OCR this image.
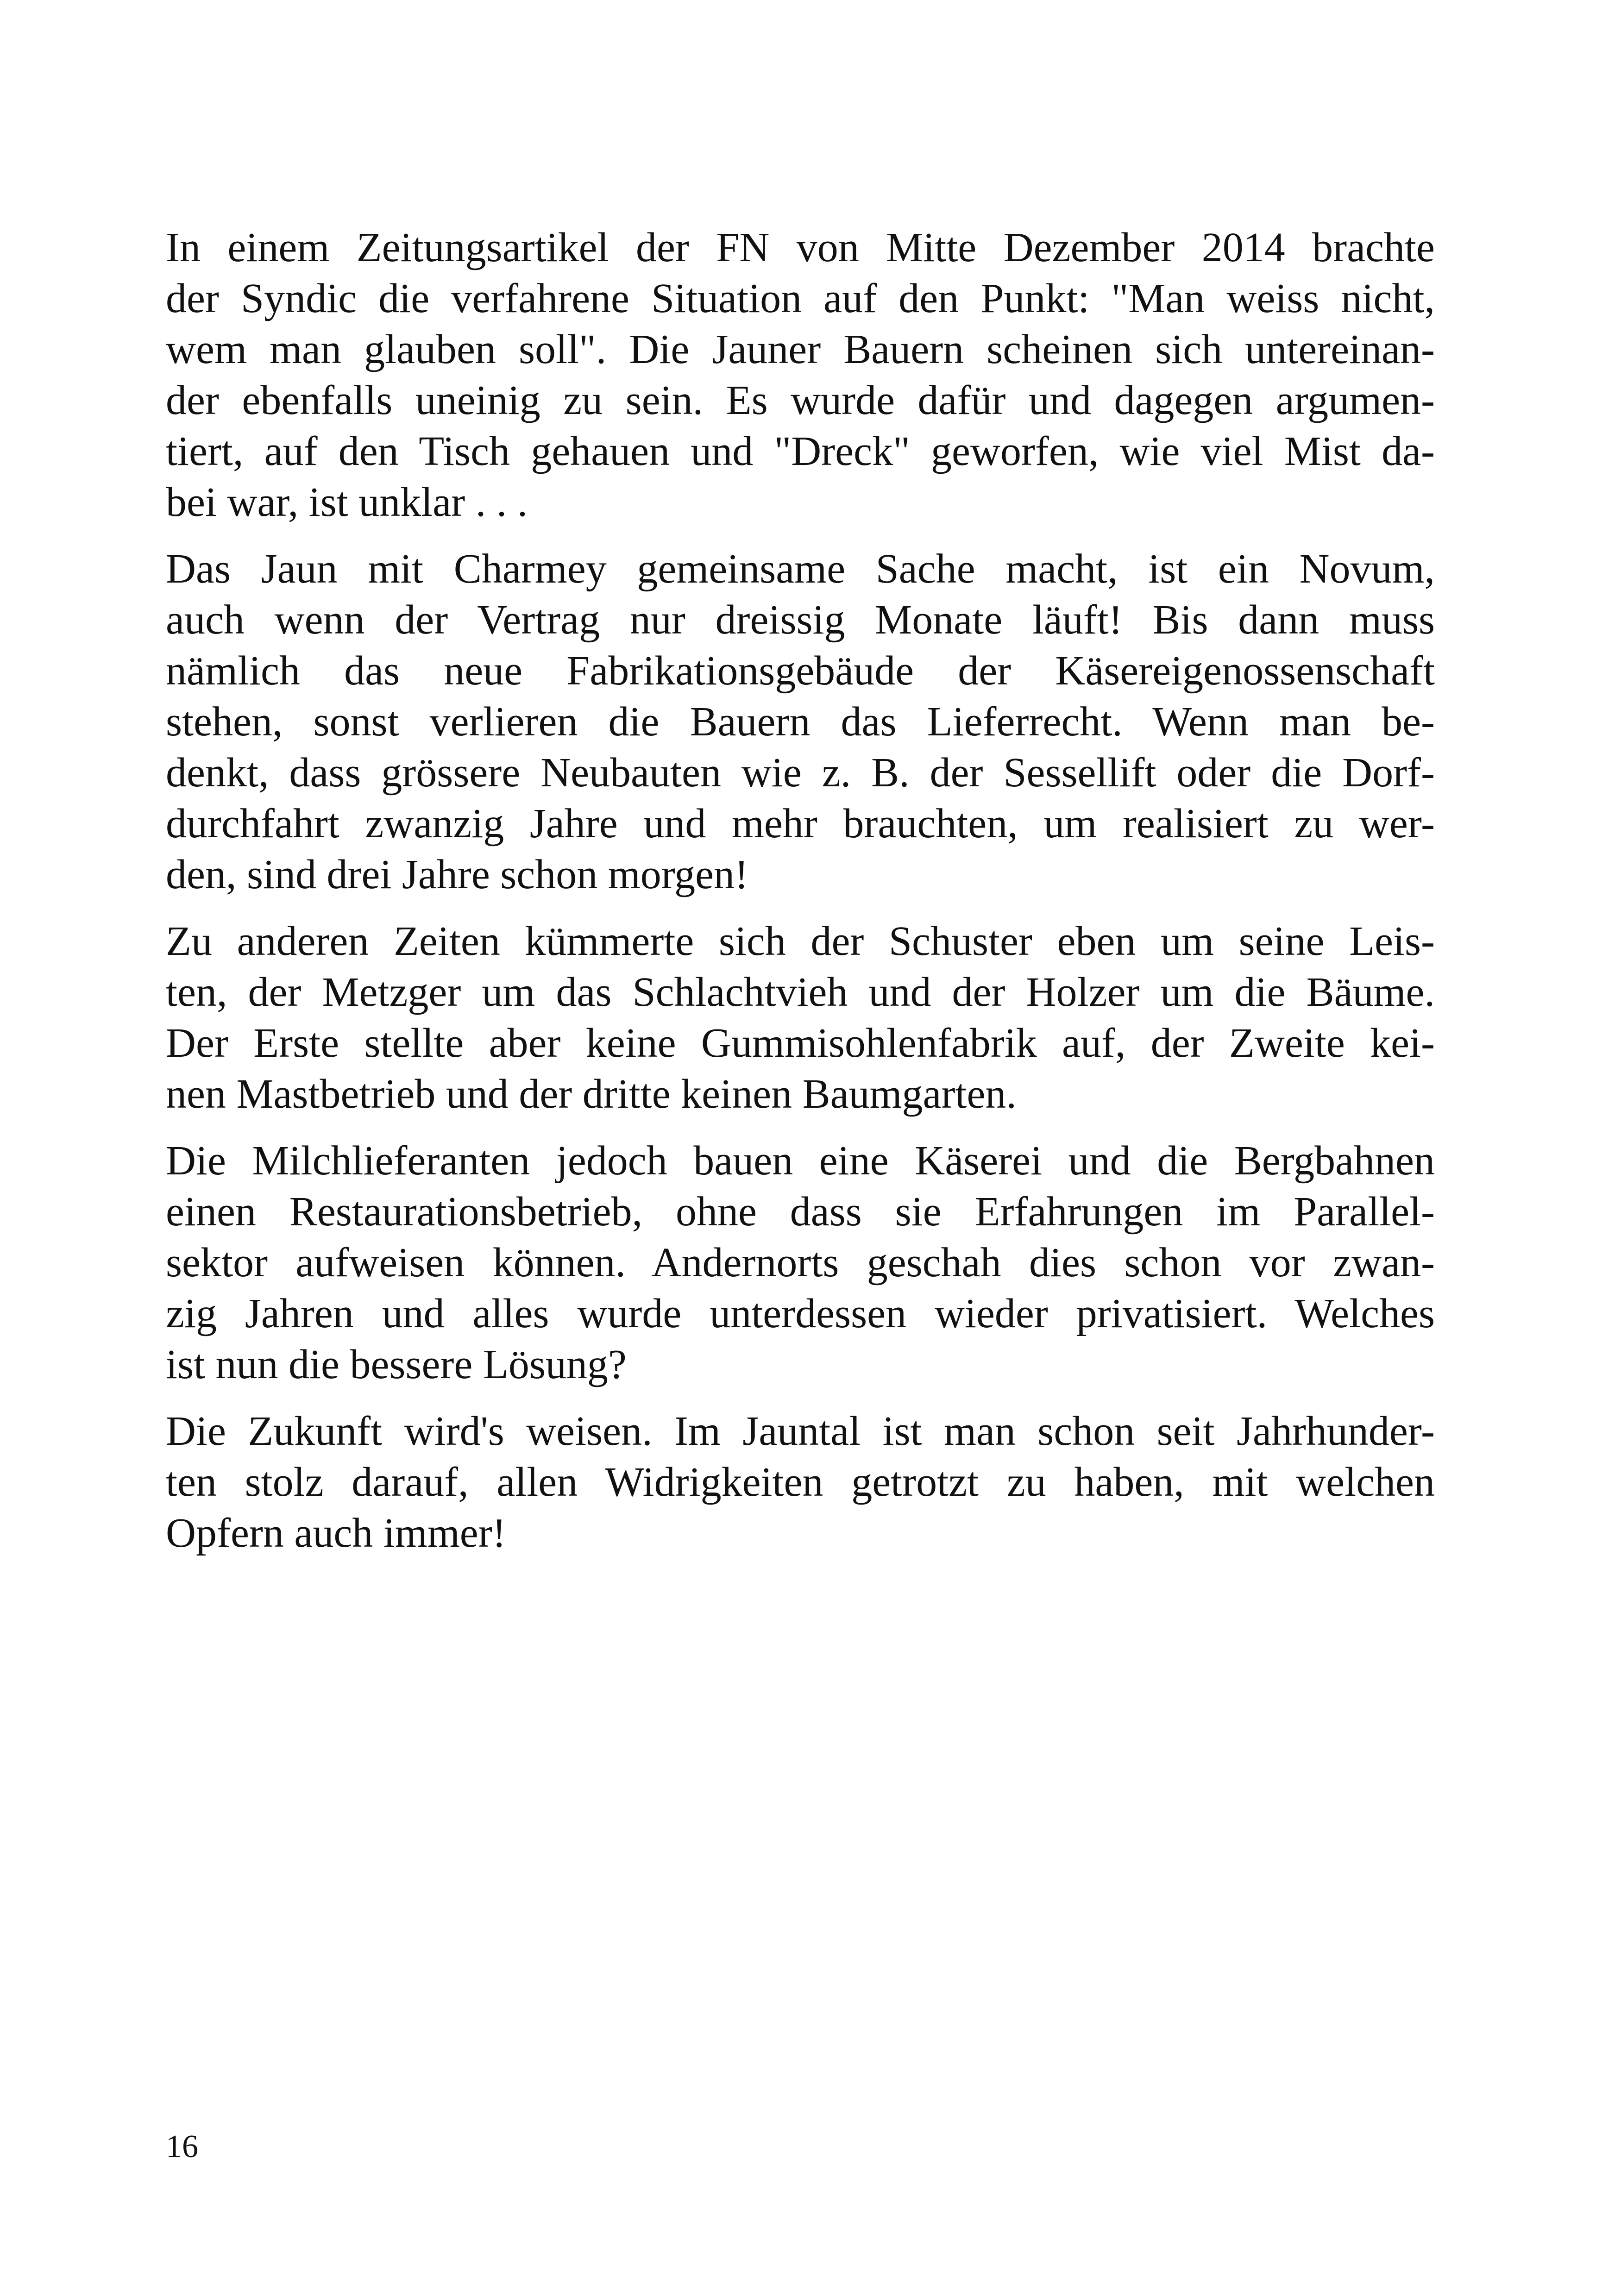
In einem Zeitungsartikel der FN von Mitte Dezember 2014 brachte
der Syndic die verfahrene Situation auf den Punkt: "Man weiss nicht,
wem man glauben soll". Die Jauner Bauern scheinen sich untereinan-
der ebenfalls uneinig zu sein. Es wurde dafür und dagegen argumen-
tiert, auf den Tisch gehauen und "Dreck" geworfen, wie viel Mist da-
bei war, ist unklar . . .
Das Jaun mit Charmey gemeinsame Sache macht, ist ein Novum,
auch wenn der Vertrag nur dreissig Monate läuft! Bis dann muss
nämlich das neue Fabrikationsgebäude der Käsereigenossenschaft
stehen, sonst verlieren die Bauern das Lieferrecht. Wenn man be-
denkt, dass grössere Neubauten wie z. B. der Sessellift oder die Dorf-
durchfahrt zwanzig Jahre und mehr brauchten, um realisiert zu wer-
den, sind drei Jahre schon morgen!
Zu anderen Zeiten kümmerte sich der Schuster eben um seine Leis-
ten, der Metzger um das Schlachtvieh und der Holzer um die Bäume.
Der Erste stellte aber keine Gummisohlenfabrik auf, der Zweite kei-
nen Mastbetrieb und der dritte keinen Baumgarten.
Die Milchlieferanten jedoch bauen eine Käserei und die Bergbahnen
einen Restaurationsbetrieb, ohne dass sie Erfahrungen im Parallel-
sektor aufweisen können. Andernorts geschah dies schon vor zwan-
zig Jahren und alles wurde unterdessen wieder privatisiert. Welches
ist nun die bessere Lösung?
Die Zukunft wird's weisen. Im Jauntal ist man schon seit Jahrhunder-
ten stolz darauf, allen Widrigkeiten getrotzt zu haben, mit welchen
Opfern auch immer!
16
